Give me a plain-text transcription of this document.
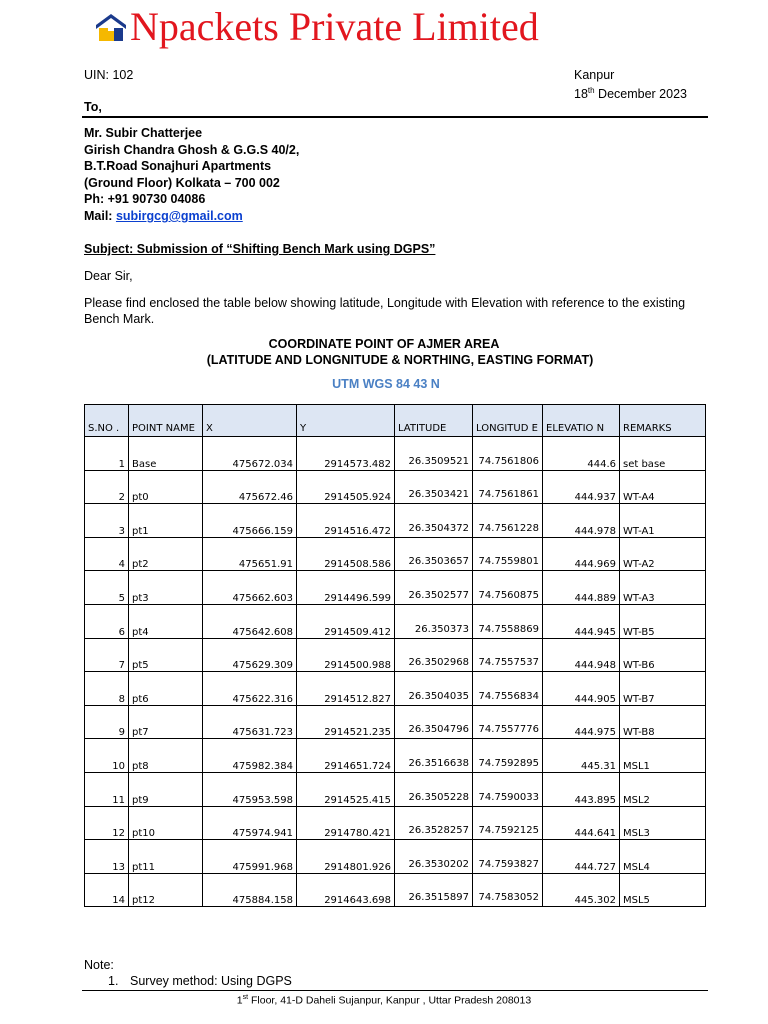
Npackets Private Limited
UIN: 102	Kanpur
18th December 2023
To,
Mr. Subir Chatterjee
Girish Chandra Ghosh & G.G.S 40/2,
B.T.Road Sonajhuri Apartments
(Ground Floor) Kolkata – 700 002
Ph: +91 90730 04086
Mail: subirgcg@gmail.com
Subject: Submission of “Shifting Bench Mark using DGPS”
Dear Sir,
Please find enclosed the table below showing latitude, Longitude with Elevation with reference to the existing Bench Mark.
COORDINATE POINT OF AJMER AREA
(LATITUDE AND LONGNITUDE & NORTHING, EASTING FORMAT)
UTM WGS 84 43 N
S.NO .	POINT NAME	X	Y	LATITUDE	LONGITUD E	ELEVATIO N	REMARKS
1	Base	475672.034	2914573.482	26.3509521	74.7561806	444.6	set base
2	pt0	475672.46	2914505.924	26.3503421	74.7561861	444.937	WT-A4
3	pt1	475666.159	2914516.472	26.3504372	74.7561228	444.978	WT-A1
4	pt2	475651.91	2914508.586	26.3503657	74.7559801	444.969	WT-A2
5	pt3	475662.603	2914496.599	26.3502577	74.7560875	444.889	WT-A3
6	pt4	475642.608	2914509.412	26.350373	74.7558869	444.945	WT-B5
7	pt5	475629.309	2914500.988	26.3502968	74.7557537	444.948	WT-B6
8	pt6	475622.316	2914512.827	26.3504035	74.7556834	444.905	WT-B7
9	pt7	475631.723	2914521.235	26.3504796	74.7557776	444.975	WT-B8
10	pt8	475982.384	2914651.724	26.3516638	74.7592895	445.31	MSL1
11	pt9	475953.598	2914525.415	26.3505228	74.7590033	443.895	MSL2
12	pt10	475974.941	2914780.421	26.3528257	74.7592125	444.641	MSL3
13	pt11	475991.968	2914801.926	26.3530202	74.7593827	444.727	MSL4
14	pt12	475884.158	2914643.698	26.3515897	74.7583052	445.302	MSL5
Note:
1. Survey method: Using DGPS
1st Floor, 41-D Daheli Sujanpur, Kanpur , Uttar Pradesh 208013
